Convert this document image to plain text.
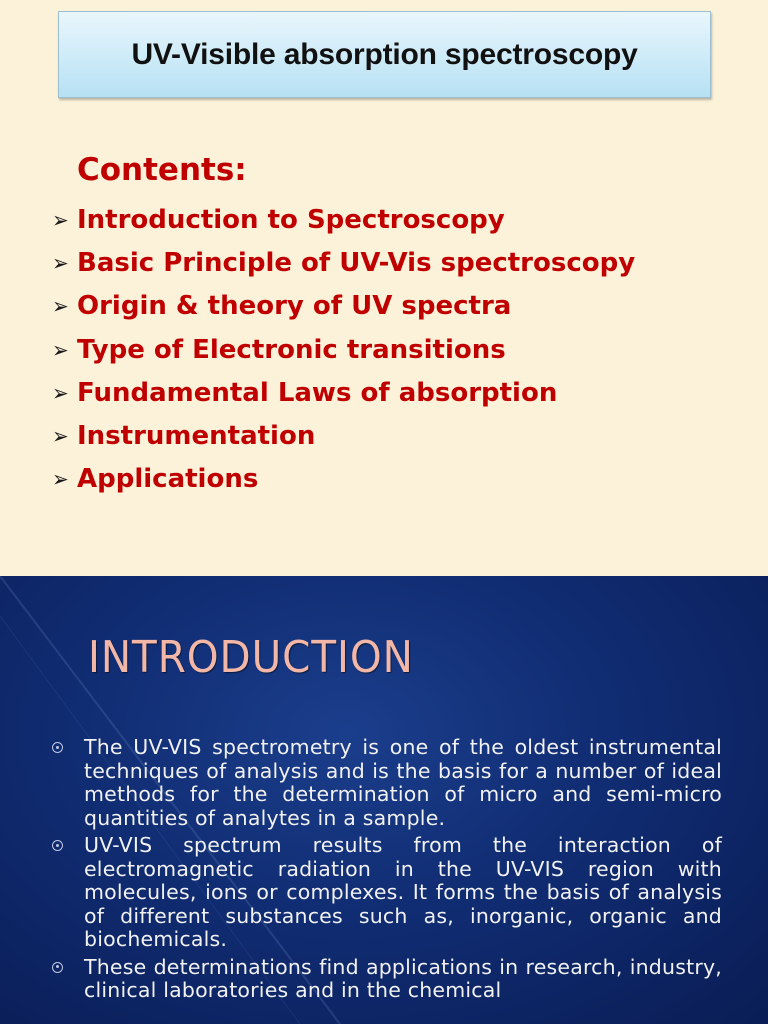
UV-Visible absorption spectroscopy
Contents:
➢ Introduction to Spectroscopy
➢ Basic Principle of UV-Vis spectroscopy
➢ Origin & theory of UV spectra
➢ Type of Electronic transitions
➢ Fundamental Laws of absorption
➢ Instrumentation
➢ Applications
INTRODUCTION
The UV-VIS spectrometry is one of the oldest instrumental techniques of analysis and is the basis for a number of ideal methods for the determination of micro and semi-micro quantities of analytes in a sample.
UV-VIS spectrum results from the interaction of electromagnetic radiation in the UV-VIS region with molecules, ions or complexes. It forms the basis of analysis of different substances such as, inorganic, organic and biochemicals.
These determinations find applications in research, industry, clinical laboratories and in the chemical
